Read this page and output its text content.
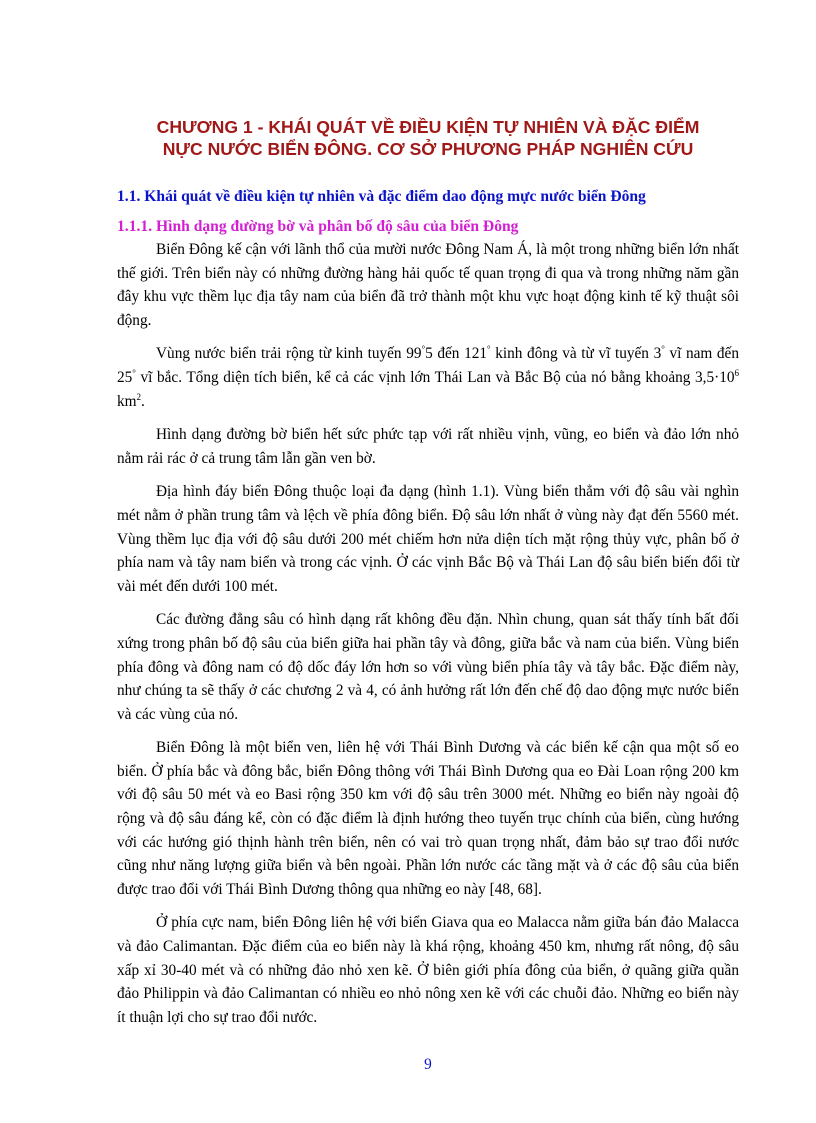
CHƯƠNG 1 - KHÁI QUÁT VỀ ĐIỀU KIỆN TỰ NHIÊN VÀ ĐẶC ĐIỂM
NỰC NƯỚC BIỂN ĐÔNG. CƠ SỞ PHƯƠNG PHÁP NGHIÊN CỨU
1.1. Khái quát về điều kiện tự nhiên và đặc điểm dao động mực nước biển Đông
1.1.1. Hình dạng đường bờ và phân bố độ sâu của biển Đông

Biển Đông kế cận với lãnh thổ của mười nước Đông Nam Á, là một trong những biển lớn nhất thế giới. Trên biển này có những đường hàng hải quốc tế quan trọng đi qua và trong những năm gần đây khu vực thềm lục địa tây nam của biển đã trở thành một khu vực hoạt động kinh tế kỹ thuật sôi động.

Vùng nước biển trải rộng từ kinh tuyến 99°5 đến 121° kinh đông và từ vĩ tuyến 3° vĩ nam đến 25° vĩ bắc. Tổng diện tích biển, kể cả các vịnh lớn Thái Lan và Bắc Bộ của nó bằng khoảng $3,5\cdot 10^6$ $km^2$.

Hình dạng đường bờ biển hết sức phức tạp với rất nhiều vịnh, vũng, eo biển và đảo lớn nhỏ nằm rải rác ở cả trung tâm lẫn gần ven bờ.

Địa hình đáy biển Đông thuộc loại đa dạng (hình 1.1). Vùng biển thẳm với độ sâu vài nghìn mét nằm ở phần trung tâm và lệch về phía đông biển. Độ sâu lớn nhất ở vùng này đạt đến 5560 mét. Vùng thềm lục địa với độ sâu dưới 200 mét chiếm hơn nửa diện tích mặt rộng thủy vực, phân bố ở phía nam và tây nam biển và trong các vịnh. Ở các vịnh Bắc Bộ và Thái Lan độ sâu biển biến đổi từ vài mét đến dưới 100 mét.

Các đường đẳng sâu có hình dạng rất không đều đặn. Nhìn chung, quan sát thấy tính bất đối xứng trong phân bố độ sâu của biển giữa hai phần tây và đông, giữa bắc và nam của biển. Vùng biển phía đông và đông nam có độ dốc đáy lớn hơn so với vùng biển phía tây và tây bắc. Đặc điểm này, như chúng ta sẽ thấy ở các chương 2 và 4, có ảnh hưởng rất lớn đến chế độ dao động mực nước biển và các vùng của nó.

Biển Đông là một biển ven, liên hệ với Thái Bình Dương và các biển kế cận qua một số eo biển. Ở phía bắc và đông bắc, biển Đông thông với Thái Bình Dương qua eo Đài Loan rộng 200 km với độ sâu 50 mét và eo Basi rộng 350 km với độ sâu trên 3000 mét. Những eo biển này ngoài độ rộng và độ sâu đáng kể, còn có đặc điểm là định hướng theo tuyến trục chính của biển, cùng hướng với các hướng gió thịnh hành trên biển, nên có vai trò quan trọng nhất, đảm bảo sự trao đổi nước cũng như năng lượng giữa biển và bên ngoài. Phần lớn nước các tầng mặt và ở các độ sâu của biển được trao đổi với Thái Bình Dương thông qua những eo này [48, 68].

Ở phía cực nam, biển Đông liên hệ với biển Giava qua eo Malacca nằm giữa bán đảo Malacca và đảo Calimantan. Đặc điểm của eo biển này là khá rộng, khoảng 450 km, nhưng rất nông, độ sâu xấp xỉ 30-40 mét và có những đảo nhỏ xen kẽ. Ở biên giới phía đông của biển, ở quãng giữa quần đảo Philippin và đảo Calimantan có nhiều eo nhỏ nông xen kẽ với các chuỗi đảo. Những eo biển này ít thuận lợi cho sự trao đổi nước.

9
